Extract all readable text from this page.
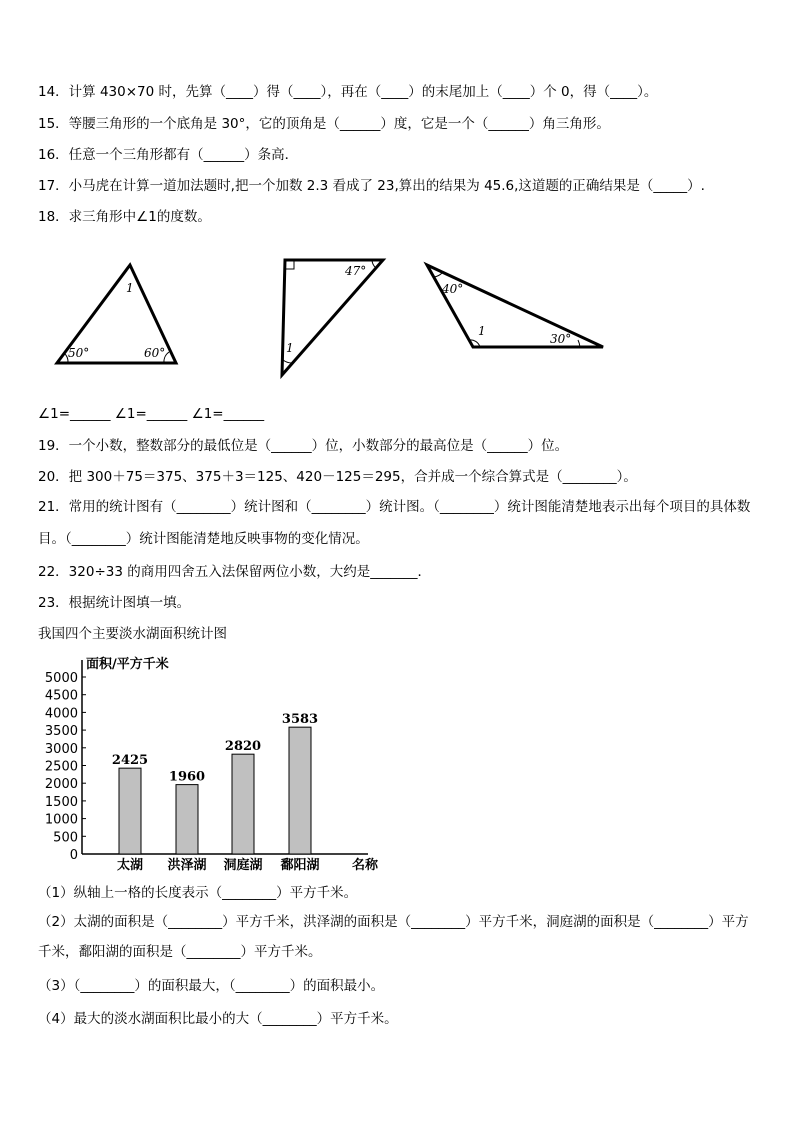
14．计算 430×70 时，先算（____）得（____），再在（____）的末尾加上（____）个 0，得（____）。
15．等腰三角形的一个底角是 30°，它的顶角是（______）度，它是一个（______）角三角形。
16．任意一个三角形都有（______）条高．
17．小马虎在计算一道加法题时,把一个加数 2.3 看成了 23,算出的结果为 45.6,这道题的正确结果是（_____）.
18．求三角形中∠1的度数。
1
50°	60°
47°
1
40°
1
30°
∠1=______ ∠1=______ ∠1=______
19．一个小数，整数部分的最低位是（______）位，小数部分的最高位是（______）位。
20．把 300＋75＝375、375＋3＝125、420－125＝295，合并成一个综合算式是（________）。
21．常用的统计图有（________）统计图和（________）统计图。（________）统计图能清楚地表示出每个项目的具体数目。（________）统计图能清楚地反映事物的变化情况。
22．320÷33 的商用四舍五入法保留两位小数，大约是_______．
23．根据统计图填一填。
我国四个主要淡水湖面积统计图
面积/平方千米
名称
0
500
1000
1500
2000
2500
3000
3500
4000
4500
5000
2425
太湖
1960
洪泽湖
2820
洞庭湖
3583
鄱阳湖
（1）纵轴上一格的长度表示（________）平方千米。
（2）太湖的面积是（________）平方千米，洪泽湖的面积是（________）平方千米，洞庭湖的面积是（________）平方千米，鄱阳湖的面积是（________）平方千米。
（3）（________）的面积最大，（________）的面积最小。
（4）最大的淡水湖面积比最小的大（________）平方千米。
